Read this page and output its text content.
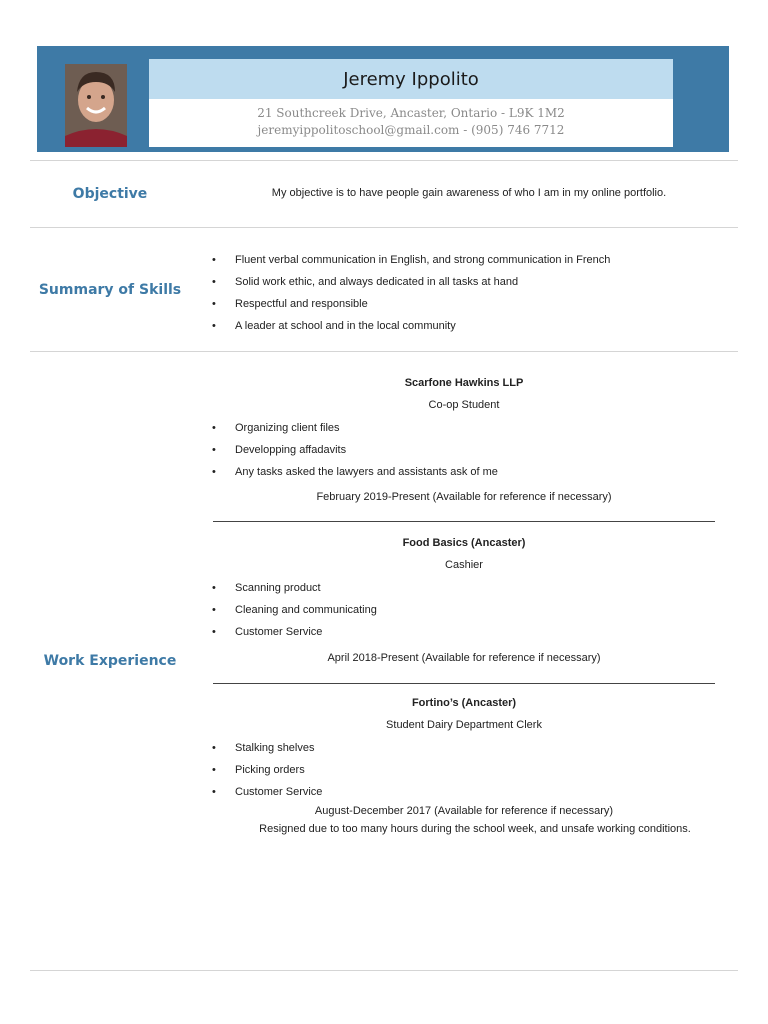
Jeremy Ippolito
21 Southcreek Drive, Ancaster, Ontario - L9K 1M2
jeremyippolitoschool@gmail.com - (905) 746 7712
Objective	My objective is to have people gain awareness of who I am in my online portfolio.
Summary of Skills
• Fluent verbal communication in English, and strong communication in French
• Solid work ethic, and always dedicated in all tasks at hand
• Respectful and responsible
• A leader at school and in the local community
Work Experience
Scarfone Hawkins LLP
Co-op Student
• Organizing client files
• Developping affadavits
• Any tasks asked the lawyers and assistants ask of me
February 2019-Present (Available for reference if necessary)
Food Basics (Ancaster)
Cashier
• Scanning product
• Cleaning and communicating
• Customer Service
April 2018-Present (Available for reference if necessary)
Fortino’s (Ancaster)
Student Dairy Department Clerk
• Stalking shelves
• Picking orders
• Customer Service
August-December 2017 (Available for reference if necessary)
Resigned due to too many hours during the school week, and unsafe working conditions.
